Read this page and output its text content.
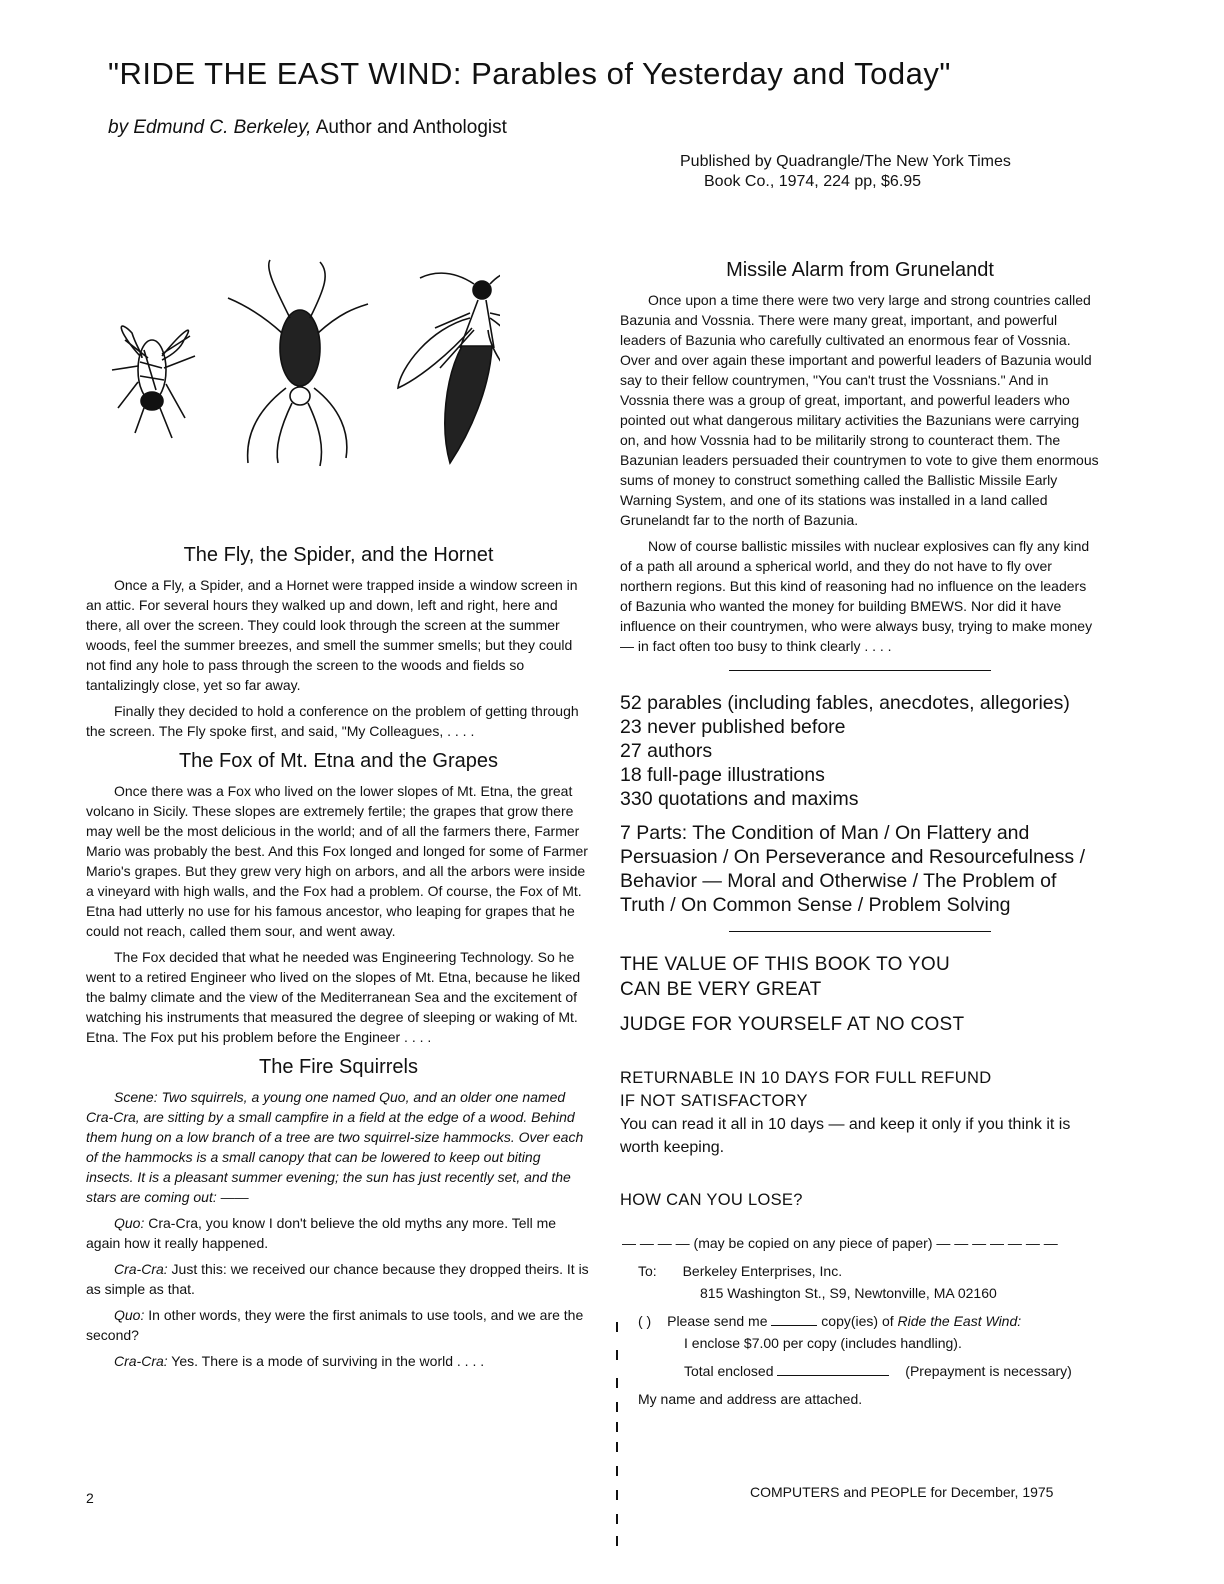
"RIDE THE EAST WIND: Parables of Yesterday and Today"
by Edmund C. Berkeley, Author and Anthologist
Published by Quadrangle/The New York Times
Book Co., 1974, 224 pp, $6.95
The Fly, the Spider, and the Hornet

Once a Fly, a Spider, and a Hornet were trapped inside a window screen in an attic. For several hours they walked up and down, left and right, here and there, all over the screen. They could look through the screen at the summer woods, feel the summer breezes, and smell the summer smells; but they could not find any hole to pass through the screen to the woods and fields so tantalizingly close, yet so far away.

Finally they decided to hold a conference on the problem of getting through the screen. The Fly spoke first, and said, "My Colleagues, . . . .

The Fox of Mt. Etna and the Grapes

Once there was a Fox who lived on the lower slopes of Mt. Etna, the great volcano in Sicily. These slopes are extremely fertile; the grapes that grow there may well be the most delicious in the world; and of all the farmers there, Farmer Mario was probably the best. And this Fox longed and longed for some of Farmer Mario's grapes. But they grew very high on arbors, and all the arbors were inside a vineyard with high walls, and the Fox had a problem. Of course, the Fox of Mt. Etna had utterly no use for his famous ancestor, who leaping for grapes that he could not reach, called them sour, and went away.

The Fox decided that what he needed was Engineering Technology. So he went to a retired Engineer who lived on the slopes of Mt. Etna, because he liked the balmy climate and the view of the Mediterranean Sea and the excitement of watching his instruments that measured the degree of sleeping or waking of Mt. Etna. The Fox put his problem before the Engineer . . . .

The Fire Squirrels

Scene: Two squirrels, a young one named Quo, and an older one named Cra-Cra, are sitting by a small campfire in a field at the edge of a wood. Behind them hung on a low branch of a tree are two squirrel-size hammocks. Over each of the hammocks is a small canopy that can be lowered to keep out biting insects. It is a pleasant summer evening; the sun has just recently set, and the stars are coming out: ——

Quo: Cra-Cra, you know I don't believe the old myths any more. Tell me again how it really happened.

Cra-Cra: Just this: we received our chance because they dropped theirs. It is as simple as that.

Quo: In other words, they were the first animals to use tools, and we are the second?

Cra-Cra: Yes. There is a mode of surviving in the world . . . .

Missile Alarm from Grunelandt

Once upon a time there were two very large and strong countries called Bazunia and Vossnia. There were many great, important, and powerful leaders of Bazunia who carefully cultivated an enormous fear of Vossnia. Over and over again these important and powerful leaders of Bazunia would say to their fellow countrymen, "You can't trust the Vossnians." And in Vossnia there was a group of great, important, and powerful leaders who pointed out what dangerous military activities the Bazunians were carrying on, and how Vossnia had to be militarily strong to counteract them. The Bazunian leaders persuaded their countrymen to vote to give them enormous sums of money to construct something called the Ballistic Missile Early Warning System, and one of its stations was installed in a land called Grunelandt far to the north of Bazunia.

Now of course ballistic missiles with nuclear explosives can fly any kind of a path all around a spherical world, and they do not have to fly over northern regions. But this kind of reasoning had no influence on the leaders of Bazunia who wanted the money for building BMEWS. Nor did it have influence on their countrymen, who were always busy, trying to make money — in fact often too busy to think clearly . . . .

52 parables (including fables, anecdotes, allegories)
23 never published before
27 authors
18 full-page illustrations
330 quotations and maxims
7 Parts: The Condition of Man / On Flattery and Persuasion / On Perseverance and Resourcefulness / Behavior — Moral and Otherwise / The Problem of Truth / On Common Sense / Problem Solving
THE VALUE OF THIS BOOK TO YOU
CAN BE VERY GREAT
JUDGE FOR YOURSELF AT NO COST
RETURNABLE IN 10 DAYS FOR FULL REFUND
IF NOT SATISFACTORY
You can read it all in 10 days — and keep it only if you think it is worth keeping.
HOW CAN YOU LOSE?
— — — — (may be copied on any piece of paper) — — — — — — —
To: Berkeley Enterprises, Inc.
815 Washington St., S9, Newtonville, MA 02160
( ) Please send me	copy(ies) of Ride the East Wind:
I enclose $7.00 per copy (includes handling).
Total enclosed	(Prepayment is necessary)
My name and address are attached.
2	COMPUTERS and PEOPLE for December, 1975
